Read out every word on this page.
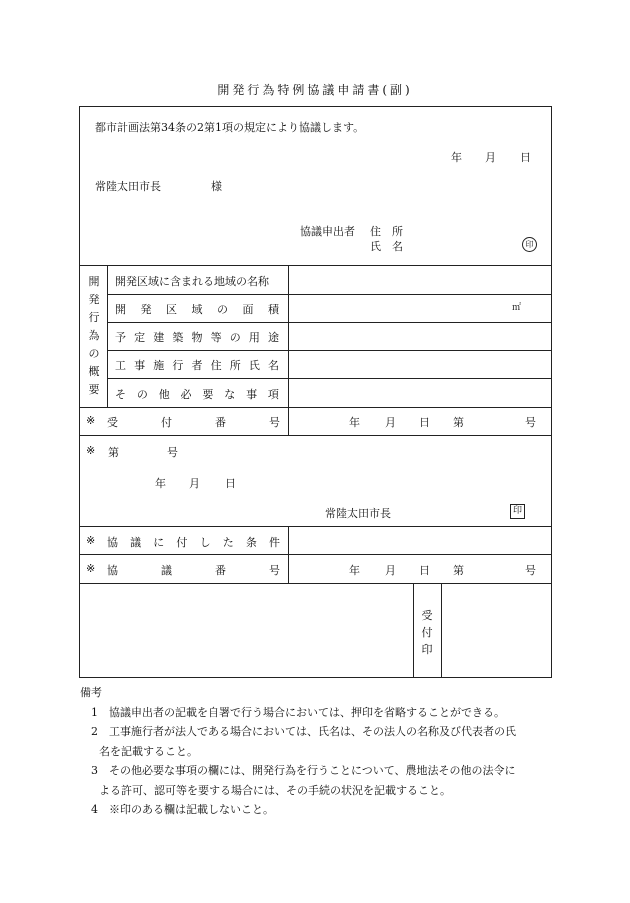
開発行為特例協議申請書(副)
都市計画法第34条の2第1項の規定により協議します。
年 月 日
常陸太田市長	様
協議申出者 住　所
氏　名	印
開
発
行
為
の
概
要
開発区域に含まれる地域の名称
開 発 区 域 の 面 積	㎡
予 定 建 築 物 等 の 用 途
工 事 施 行 者 住 所 氏 名
そ の 他 必 要 な 事 項
※ 受	付	番	号	年 月 日 第	号
※ 第	号
年 月 日
常陸太田市長	印
※ 協 議 に 付 し た 条 件
※ 協	議	番	号	年 月 日 第	号
受
付
印
備考
1　協議申出者の記載を自署で行う場合においては、押印を省略することができる。
2　工事施行者が法人である場合においては、氏名は、その法人の名称及び代表者の氏
名を記載すること。
3　その他必要な事項の欄には、開発行為を行うことについて、農地法その他の法令に
よる許可、認可等を要する場合には、その手続の状況を記載すること。
4　※印のある欄は記載しないこと。
